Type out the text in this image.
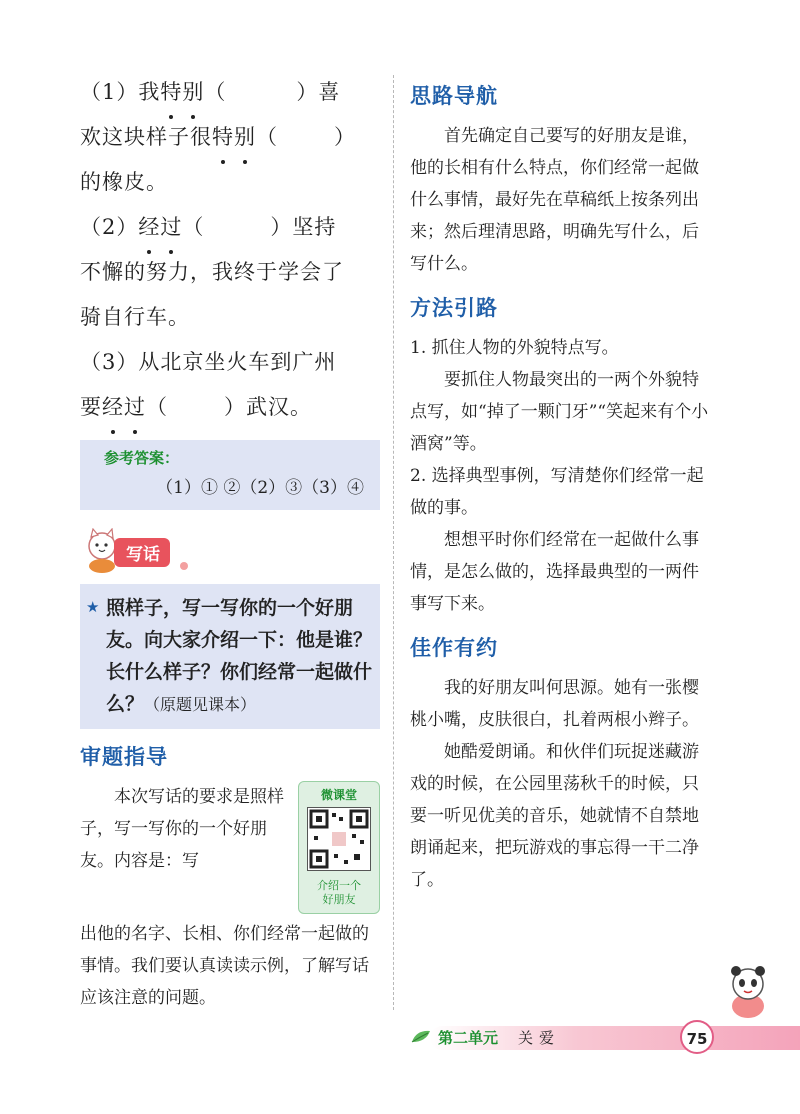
（1）我特别（	）喜
欢这块样子很特别（	）
的橡皮。
（2）经过（	）坚持
不懈的努力，我终于学会了
骑自行车。
（3）从北京坐火车到广州
要经过（	）武汉。
参考答案：
（1）① ②（2）③（3）④
写话
★ 照样子，写一写你的一个好朋友。向大家介绍一下：他是谁？长什么样子？你们经常一起做什么？（原题见课本）
审题指导
微课堂
介绍一个
好朋友

本次写话的要求是照样子，写一写你的一个好朋友。内容是：写

出他的名字、长相、你们经常一起做的事情。我们要认真读读示例，了解写话应该注意的问题。

思路导航

首先确定自己要写的好朋友是谁，他的长相有什么特点，你们经常一起做什么事情，最好先在草稿纸上按条列出来；然后理清思路，明确先写什么，后写什么。

方法引路

1. 抓住人物的外貌特点写。

要抓住人物最突出的一两个外貌特点写，如“掉了一颗门牙”“笑起来有个小酒窝”等。

2. 选择典型事例，写清楚你们经常一起做的事。

想想平时你们经常在一起做什么事情，是怎么做的，选择最典型的一两件事写下来。

佳作有约

我的好朋友叫何思源。她有一张樱桃小嘴，皮肤很白，扎着两根小辫子。

她酷爱朗诵。和伙伴们玩捉迷藏游戏的时候，在公园里荡秋千的时候，只要一听见优美的音乐，她就情不自禁地朗诵起来，把玩游戏的事忘得一干二净了。

第二单元 关爱	75
